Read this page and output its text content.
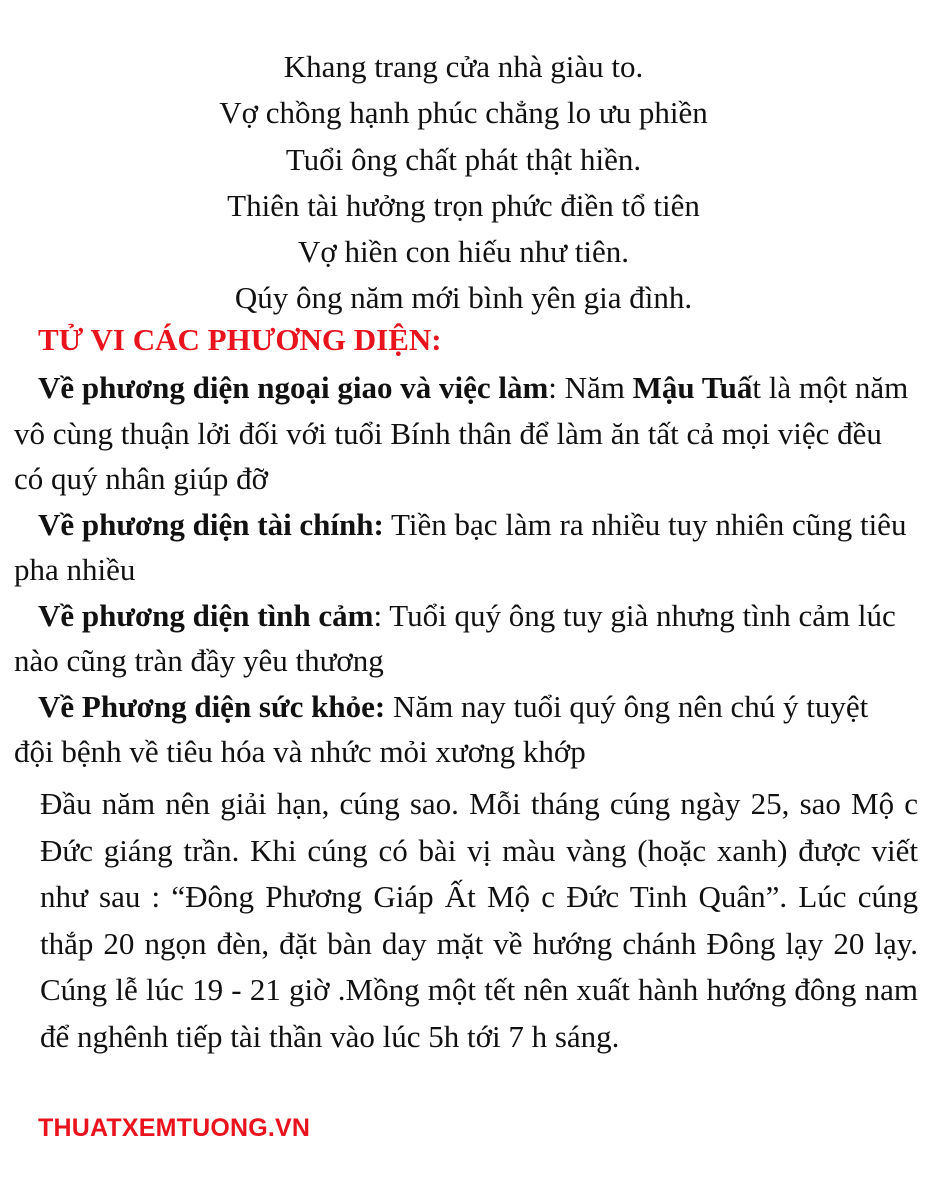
Khang trang cửa nhà giàu to.
Vợ chồng hạnh phúc chẳng lo ưu phiền
Tuổi ông chất phát thật hiền.
Thiên tài hưởng trọn phức điền tổ tiên
Vợ hiền con hiếu như tiên.
Qúy ông năm mới bình yên gia đình.
TỬ VI CÁC PHƯƠNG DIỆN:

Về phương diện ngoại giao và việc làm: Năm Mậu Tuất là một năm vô cùng thuận lởi đối với tuổi Bính thân để làm ăn tất cả mọi việc đều có quý nhân giúp đỡ

Về phương diện tài chính: Tiền bạc làm ra nhiều tuy nhiên cũng tiêu pha nhiều

Về phương diện tình cảm: Tuổi quý ông tuy già nhưng tình cảm lúc nào cũng tràn đầy yêu thương

Về Phương diện sức khỏe: Năm nay tuổi quý ông nên chú ý tuyệt đội bệnh về tiêu hóa và nhức mỏi xương khớp

Đầu năm nên giải hạn, cúng sao. Mỗi tháng cúng ngày 25, sao Mộ c Đức giáng trần. Khi cúng có bài vị màu vàng (hoặc xanh) được viết như sau : “Đông Phương Giáp Ất Mộ c Đức Tinh Quân”. Lúc cúng thắp 20 ngọn đèn, đặt bàn day mặt về hướng chánh Đông lạy 20 lạy. Cúng lễ lúc 19 - 21 giờ .Mồng một tết nên xuất hành hướng đông nam để nghênh tiếp tài thần vào lúc 5h tới 7 h sáng.

THUATXEMTUONG.VN
